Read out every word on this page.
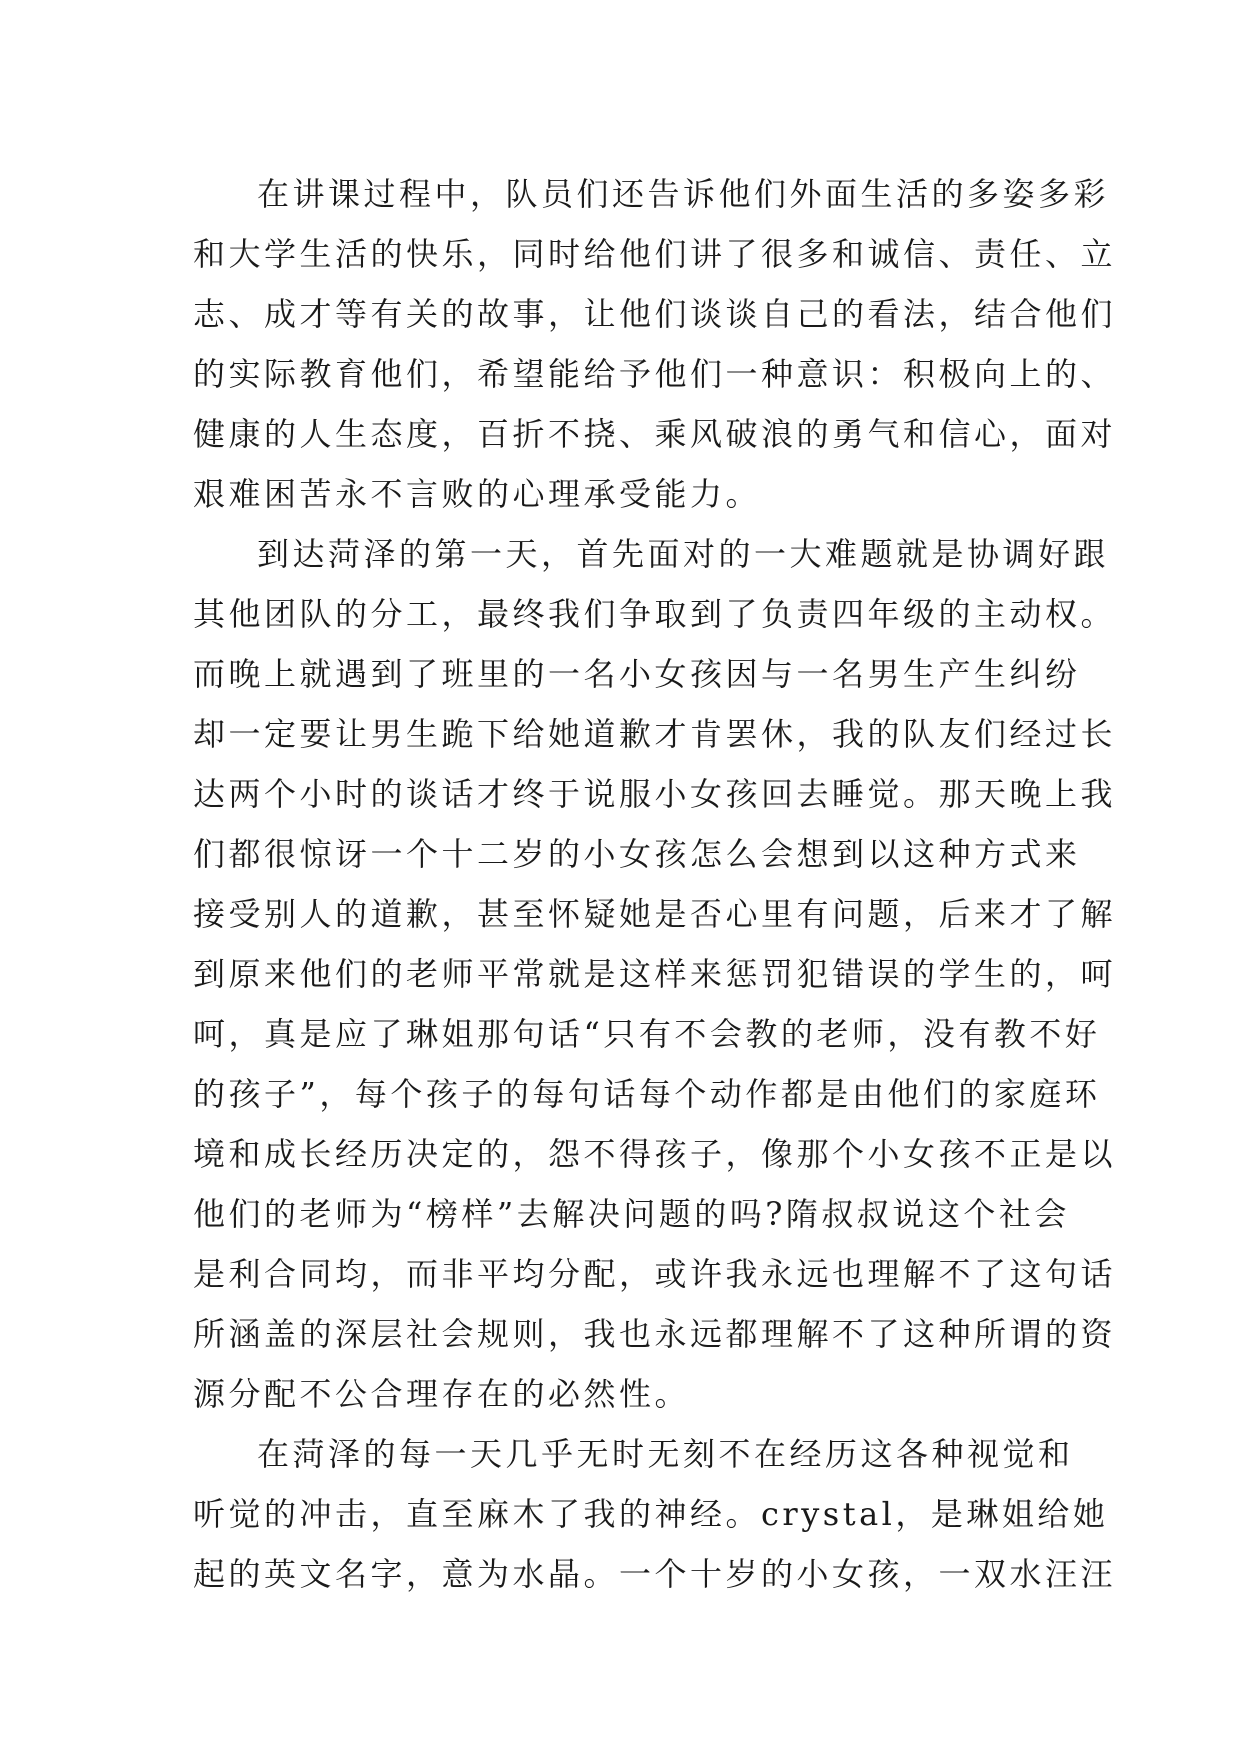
在讲课过程中，队员们还告诉他们外面生活的多姿多彩
和大学生活的快乐，同时给他们讲了很多和诚信、责任、立
志、成才等有关的故事，让他们谈谈自己的看法，结合他们
的实际教育他们，希望能给予他们一种意识：积极向上的、
健康的人生态度，百折不挠、乘风破浪的勇气和信心，面对
艰难困苦永不言败的心理承受能力。
到达菏泽的第一天，首先面对的一大难题就是协调好跟
其他团队的分工，最终我们争取到了负责四年级的主动权。
而晚上就遇到了班里的一名小女孩因与一名男生产生纠纷
却一定要让男生跪下给她道歉才肯罢休，我的队友们经过长
达两个小时的谈话才终于说服小女孩回去睡觉。那天晚上我
们都很惊讶一个十二岁的小女孩怎么会想到以这种方式来
接受别人的道歉，甚至怀疑她是否心里有问题，后来才了解
到原来他们的老师平常就是这样来惩罚犯错误的学生的，呵
呵，真是应了琳姐那句话“只有不会教的老师，没有教不好
的孩子”，每个孩子的每句话每个动作都是由他们的家庭环
境和成长经历决定的，怨不得孩子，像那个小女孩不正是以
他们的老师为“榜样”去解决问题的吗?隋叔叔说这个社会
是利合同均，而非平均分配，或许我永远也理解不了这句话
所涵盖的深层社会规则，我也永远都理解不了这种所谓的资
源分配不公合理存在的必然性。
在菏泽的每一天几乎无时无刻不在经历这各种视觉和
听觉的冲击，直至麻木了我的神经。crystal，是琳姐给她
起的英文名字，意为水晶。一个十岁的小女孩，一双水汪汪
